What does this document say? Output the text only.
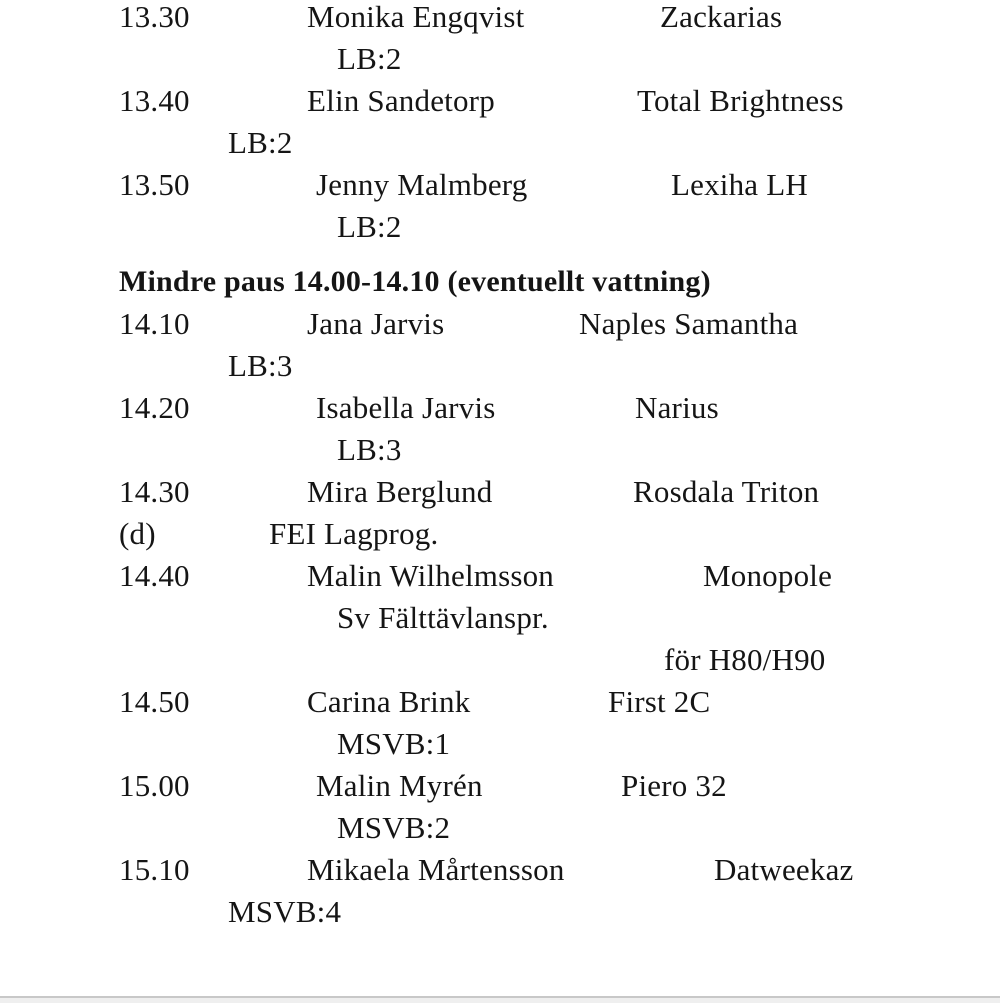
13.30	Monika Engqvist	Zackarias
LB:2
13.40	Elin Sandetorp	Total Brightness
LB:2
13.50	Jenny Malmberg	Lexiha LH
LB:2
Mindre paus 14.00-14.10 (eventuellt vattning)
14.10	Jana Jarvis	Naples Samantha
LB:3
14.20	Isabella Jarvis	Narius
LB:3
14.30	Mira Berglund	Rosdala Triton
(d)	FEI Lagprog.
14.40	Malin Wilhelmsson	Monopole
Sv Fälttävlanspr.
för H80/H90
14.50	Carina Brink	First 2C
MSVB:1
15.00	Malin Myrén	Piero 32
MSVB:2
15.10	Mikaela Mårtensson	Datweekaz
MSVB:4
